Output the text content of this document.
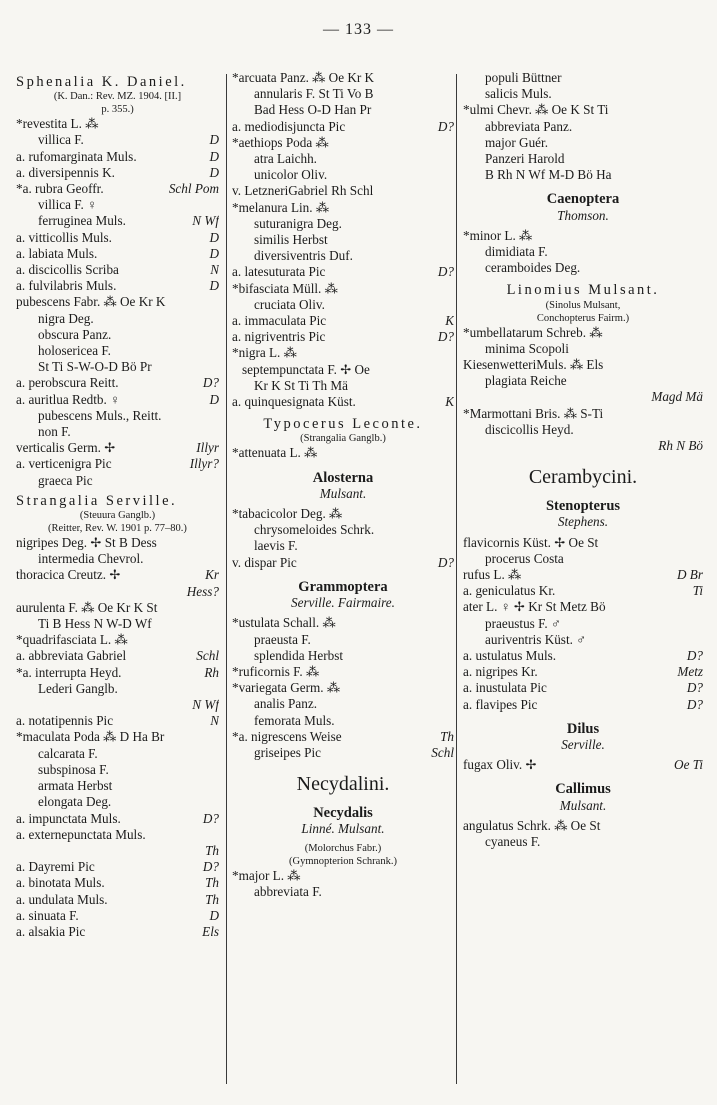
— 133 —
Sphenalia K. Daniel.
(K. Dan.: Rev. MZ. 1904. [II.]
p. 355.)
*revestita L. ⁂
villica F.	D
a. rufomarginata Muls.	D
a. diversipennis K.	D
*a. rubra Geoffr.	Schl Pom
villica F. ♀
ferruginea Muls.	N Wf
a. vitticollis Muls.	D
a. labiata Muls.	D
a. discicollis Scriba	N
a. fulvilabris Muls.	D
pubescens Fabr. ⁂ Oe Kr K
nigra Deg.
obscura Panz.
holosericea F.
St Ti S-W-O-D Bö Pr
a. perobscura Reitt.	D?
a. auritlua Redtb. ♀	D
pubescens Muls., Reitt.
non F.
verticalis Germ. ✢	Illyr
a. verticenigra Pic	Illyr?
graeca Pic
Strangalia Serville.
(Steuura Ganglb.)
(Reitter, Rev. W. 1901 p. 77–80.)
nigripes Deg. ✢ St B Dess
intermedia Chevrol.
thoracica Creutz. ✢	Kr
Hess?
aurulenta F. ⁂ Oe Kr K St
Ti B Hess N W-D Wf
*quadrifasciata L. ⁂
a. abbreviata Gabriel	Schl
*a. interrupta Heyd.	Rh
Lederi Ganglb.
N Wf
a. notatipennis Pic	N
*maculata Poda ⁂ D Ha Br
calcarata F.
subspinosa F.
armata Herbst
elongata Deg.
a. impunctata Muls.	D?
a. externepunctata Muls.
Th
a. Dayremi Pic	D?
a. binotata Muls.	Th
a. undulata Muls.	Th
a. sinuata F.	D
a. alsakia Pic	Els
*arcuata Panz. ⁂ Oe Kr K
annularis F. St Ti Vo B
Bad Hess O-D Han Pr
a. mediodisjuncta Pic	D?
*aethiops Poda ⁂
atra Laichh.
unicolor Oliv.
v. LetzneriGabriel Rh Schl
*melanura Lin. ⁂
suturanigra Deg.
similis Herbst
diversiventris Duf.
a. latesuturata Pic	D?
*bifasciata Müll. ⁂
cruciata Oliv.
a. immaculata Pic	K
a. nigriventris Pic	D?
*nigra L. ⁂
septempunctata F. ✢ Oe
Kr K St Ti Th Mä
a. quinquesignata Küst.	K
Typocerus Leconte.
(Strangalia Ganglb.)
*attenuata L. ⁂
Alosterna
Mulsant.
*tabacicolor Deg. ⁂
chrysomeloides Schrk.
laevis F.
v. dispar Pic	D?
Grammoptera
Serville. Fairmaire.
*ustulata Schall. ⁂
praeusta F.
splendida Herbst
*ruficornis F. ⁂
*variegata Germ. ⁂
analis Panz.
femorata Muls.
*a. nigrescens Weise	Th
griseipes Pic	Schl
Necydalini.
Necydalis
Linné. Mulsant.
(Molorchus Fabr.)
(Gymnopterion Schrank.)
*major L. ⁂
abbreviata F.
populi Büttner
salicis Muls.
*ulmi Chevr. ⁂ Oe K St Ti
abbreviata Panz.
major Guér.
Panzeri Harold
B Rh N Wf M-D Bö Ha
Caenoptera
Thomson.
*minor L. ⁂
dimidiata F.
ceramboides Deg.
Linomius Mulsant.
(Sinolus Mulsant,
Conchopterus Fairm.)
*umbellatarum Schreb. ⁂
minima Scopoli
KiesenwetteriMuls. ⁂ Els
plagiata Reiche
Magd Mä
*Marmottani Bris. ⁂ S-Ti
discicollis Heyd.
Rh N Bö
Cerambycini.
Stenopterus
Stephens.
flavicornis Küst. ✢ Oe St
procerus Costa
rufus L. ⁂	D Br
a. geniculatus Kr.	Ti
ater L. ♀ ✢ Kr St Metz Bö
praeustus F. ♂
auriventris Küst. ♂
a. ustulatus Muls.	D?
a. nigripes Kr.	Metz
a. inustulata Pic	D?
a. flavipes Pic	D?
Dilus
Serville.
fugax Oliv. ✢	Oe Ti
Callimus
Mulsant.
angulatus Schrk. ⁂ Oe St
cyaneus F.
